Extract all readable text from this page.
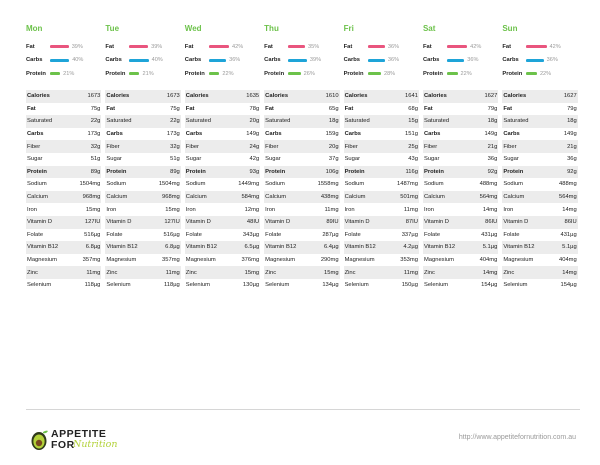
Mon
Fat	39%
Carbs	40%
Protein	21%
Calories	1673
Fat	75g
Saturated	22g
Carbs	173g
Fiber	32g
Sugar	51g
Protein	89g
Sodium	1504mg
Calcium	968mg
Iron	15mg
Vitamin D	127IU
Folate	516µg
Vitamin B12	6.8µg
Magnesium	357mg
Zinc	11mg
Selenium	118µg
Tue
Fat	39%
Carbs	40%
Protein	21%
Calories	1673
Fat	75g
Saturated	22g
Carbs	173g
Fiber	32g
Sugar	51g
Protein	89g
Sodium	1504mg
Calcium	968mg
Iron	15mg
Vitamin D	127IU
Folate	516µg
Vitamin B12	6.8µg
Magnesium	357mg
Zinc	11mg
Selenium	118µg
Wed
Fat	42%
Carbs	36%
Protein	22%
Calories	1635
Fat	78g
Saturated	20g
Carbs	149g
Fiber	24g
Sugar	42g
Protein	93g
Sodium	1449mg
Calcium	584mg
Iron	12mg
Vitamin D	48IU
Folate	343µg
Vitamin B12	6.5µg
Magnesium	376mg
Zinc	15mg
Selenium	130µg
Thu
Fat	35%
Carbs	39%
Protein	26%
Calories	1610
Fat	65g
Saturated	18g
Carbs	159g
Fiber	20g
Sugar	37g
Protein	106g
Sodium	1558mg
Calcium	438mg
Iron	11mg
Vitamin D	89IU
Folate	287µg
Vitamin B12	6.4µg
Magnesium	290mg
Zinc	15mg
Selenium	134µg
Fri
Fat	36%
Carbs	36%
Protein	28%
Calories	1641
Fat	68g
Saturated	15g
Carbs	151g
Fiber	25g
Sugar	43g
Protein	116g
Sodium	1487mg
Calcium	501mg
Iron	11mg
Vitamin D	87IU
Folate	337µg
Vitamin B12	4.2µg
Magnesium	353mg
Zinc	11mg
Selenium	150µg
Sat
Fat	42%
Carbs	36%
Protein	22%
Calories	1627
Fat	79g
Saturated	18g
Carbs	149g
Fiber	21g
Sugar	36g
Protein	92g
Sodium	488mg
Calcium	564mg
Iron	14mg
Vitamin D	86IU
Folate	431µg
Vitamin B12	5.1µg
Magnesium	404mg
Zinc	14mg
Selenium	154µg
Sun
Fat	42%
Carbs	36%
Protein	22%
Calories	1627
Fat	79g
Saturated	18g
Carbs	149g
Fiber	21g
Sugar	36g
Protein	92g
Sodium	488mg
Calcium	564mg
Iron	14mg
Vitamin D	86IU
Folate	431µg
Vitamin B12	5.1µg
Magnesium	404mg
Zinc	14mg
Selenium	154µg
APPETITE
FOR
Nutrition
http://www.appetitefornutrition.com.au
